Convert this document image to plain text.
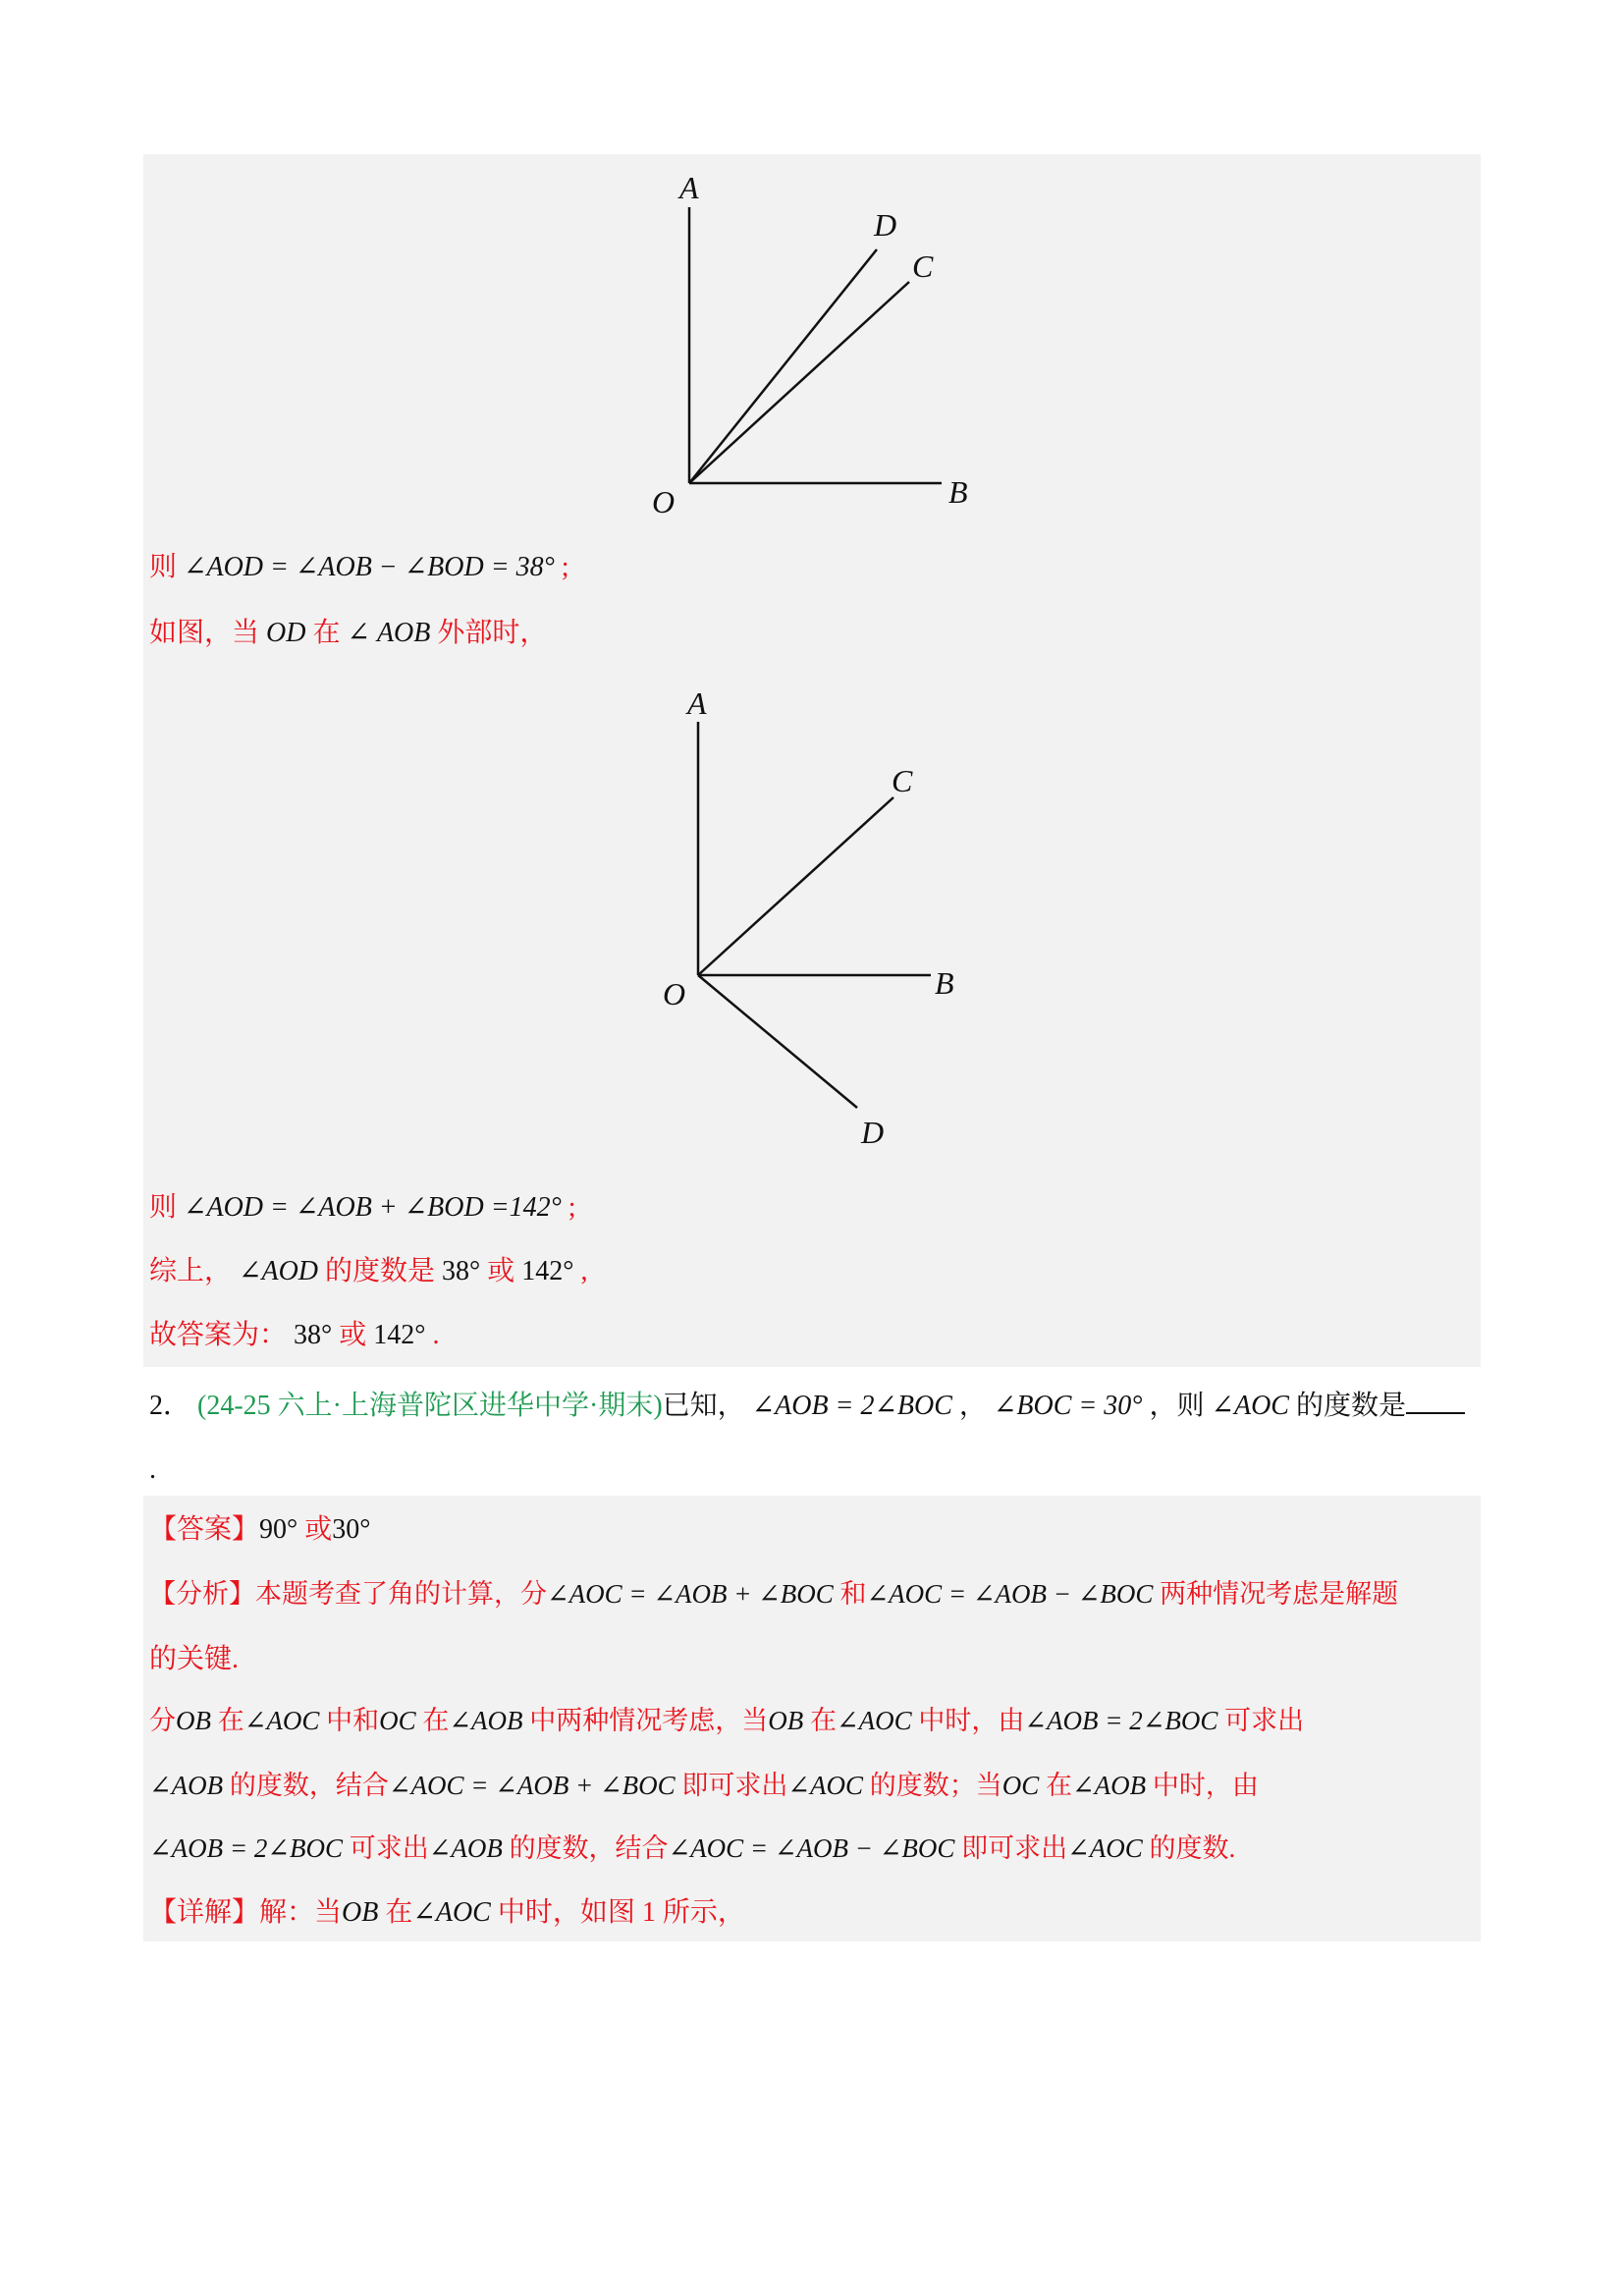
A
D
C
O	B
A
C
O	B
D
则 ∠AOD = ∠AOB − ∠BOD = 38° ;
如图，当 OD 在 ∠ AOB 外部时，
则 ∠AOD = ∠AOB + ∠BOD =142° ;
综上， ∠AOD 的度数是 38° 或 142° ,
故答案为： 38° 或 142° .
2． (24-25 六上·上海普陀区进华中学·期末)已知， ∠AOB = 2∠BOC ， ∠BOC = 30° ，则 ∠AOC 的度数是
.
【答案】90° 或30°
【分析】本题考查了角的计算，分∠AOC = ∠AOB + ∠BOC 和∠AOC = ∠AOB − ∠BOC 两种情况考虑是解题
的关键.
分OB 在∠AOC 中和OC 在∠AOB 中两种情况考虑，当OB 在∠AOC 中时，由∠AOB = 2∠BOC 可求出
∠AOB 的度数，结合∠AOC = ∠AOB + ∠BOC 即可求出∠AOC 的度数；当OC 在∠AOB 中时，由
∠AOB = 2∠BOC 可求出∠AOB 的度数，结合∠AOC = ∠AOB − ∠BOC 即可求出∠AOC 的度数.
【详解】解：当OB 在∠AOC 中时，如图 1 所示，
